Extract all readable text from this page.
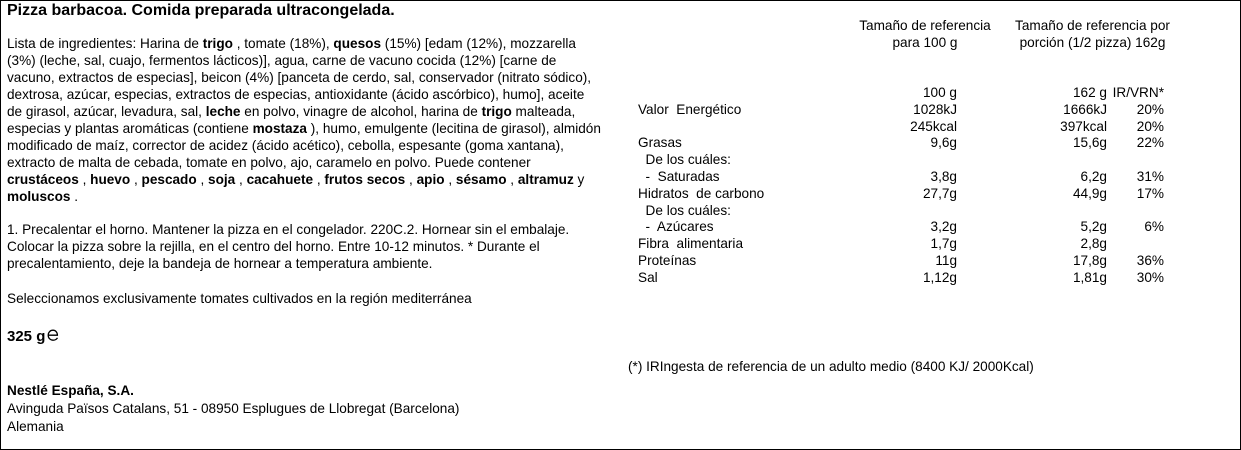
Pizza barbacoa. Comida preparada ultracongelada.
Lista de ingredientes: Harina de trigo , tomate (18%), quesos (15%) [edam (12%), mozzarella (3%) (leche, sal, cuajo, fermentos lácticos)], agua, carne de vacuno cocida (12%) [carne de vacuno, extractos de especias], beicon (4%) [panceta de cerdo, sal, conservador (nitrato sódico), dextrosa, azúcar, especias, extractos de especias, antioxidante (ácido ascórbico), humo], aceite de girasol, azúcar, levadura, sal, leche en polvo, vinagre de alcohol, harina de trigo malteada, especias y plantas aromáticas (contiene mostaza ), humo, emulgente (lecitina de girasol), almidón modificado de maíz, corrector de acidez (ácido acético), cebolla, espesante (goma xantana), extracto de malta de cebada, tomate en polvo, ajo, caramelo en polvo. Puede contener crustáceos , huevo , pescado , soja , cacahuete , frutos secos , apio , sésamo , altramuz y moluscos .
1. Precalentar el horno. Mantener la pizza en el congelador. 220C.2. Hornear sin el embalaje. Colocar la pizza sobre la rejilla, en el centro del horno. Entre 10-12 minutos. * Durante el precalentamiento, deje la bandeja de hornear a temperatura ambiente.
Seleccionamos exclusivamente tomates cultivados en la región mediterránea
325 g
Nestlé España, S.A.
Avinguda Països Catalans, 51 - 08950 Esplugues de Llobregat (Barcelona)
Alemania
Tamaño de referencia
para 100 g
Tamaño de referencia por
porción (1/2 pizza) 162g
100 g	162 g IR/VRN*
Valor  Energético	1028kJ	1666kJ 20%
245kcal	397kcal 20%
Grasas	9,6g	15,6g 22%
De los cuáles:
-  Saturadas	3,8g	6,2g 31%
Hidratos  de carbono	27,7g	44,9g 17%
De los cuáles:
-  Azúcares	3,2g	5,2g	6%
Fibra  alimentaria	1,7g	2,8g
Proteínas	11g	17,8g 36%
Sal	1,12g	1,81g 30%
(*) IRIngesta de referencia de un adulto medio (8400 KJ/ 2000Kcal)
